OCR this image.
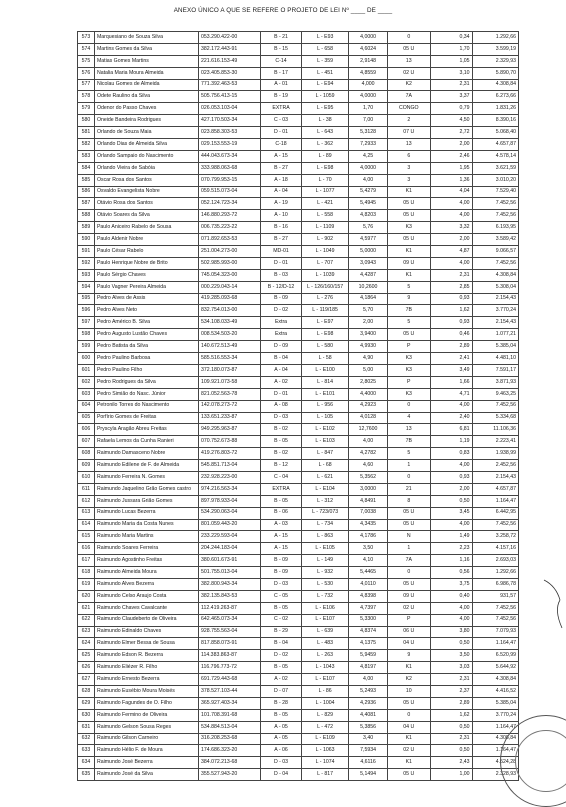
ANEXO ÚNICO A QUE SE REFERE O PROJETO DE LEI Nº ____ DE ____
573	Marquesiano de Souza Silva	053.290.422-00	B - 21	L - E93	4,0000	0	0,34	1.292,66
574	Martins Gomes da Silva	382.172.443-91	B - 15	L - 658	4,6024	05 U	1,70	3.599,19
575	Matias Gomes Martins	221.616.153-49	C-14	L - 359	2,9148	13	1,05	2.329,93
576	Natalia Maria Moura Almeida	023.405.853-30	B - 17	L - 451	4,8559	02 U	3,10	5.890,70
577	Nicolau Gomes de Almeida	771.392.463-53	A - 01	L - E94	4,000	K2	2,31	4.308,84
578	Odete Raulino da Silva	505.756.413-15	B - 19	L - 1059	4,0000	7A	3,37	6.273,66
579	Odenor do Passo Chaves	026.053.103-04	EXTRA	L - E95	1,70	CONGO	0,79	1.831,26
580	Oneide Bandeira Rodrigues	427.170.503-34	C - 03	L - 38	7,00	2	4,50	8.390,16
581	Orlando de Souza Maia	023.858.303-53	D - 01	L - 643	5,3128	07 U	2,72	5.068,40
582	Orlando Dias de Almeida Silva	029.153.553-19	C-18	L - 362	7,2933	13	2,00	4.657,87
583	Orlando Sampaio do Nascimento	444.043.673-34	A - 15	L - 89	4,25	6	2,46	4.578,14
584	Orlando Vieira de Sabóia	333.988.063-68	B - 27	L - E98	4,0000	3	1,95	3.621,59
585	Oscar Rosa dos Santos	070.799.953-15	A - 18	L - 70	4,00	3	1,36	3.010,20
586	Osvaldo Evangelista Nobre	059.515.073-04	A - 04	L - 1077	5,4279	K1	4,04	7.529,40
587	Otávio Rosa dos Santos	052.124.723-34	A - 19	L - 421	5,4945	05 U	4,00	7.452,56
588	Otávio Soares da Silva	146.880.293-72	A - 10	L - 558	4,8203	05 U	4,00	7.452,56
589	Paulo Aniceiro Rabelo de Sousa	006.735.223-22	B - 16	L - 1109	5,76	K3	3,32	6.193,95
590	Paulo Aldenir Nobre	071.892.653-53	B - 27	L - 902	4,5977	05 U	2,00	3.589,42
591	Paulo César Rabelo	251.004.273-00	MD-01	L - 1049	5,0000	K1	4,87	9.066,57
592	Paulo Henrique Nobre de Brito	502.985.993-00	D - 01	L - 707	3,0943	09 U	4,00	7.452,56
593	Paulo Sérgio Chaves	745.054.323-00	B - 03	L - 1039	4,4287	K1	2,31	4.308,84
594	Paulo Vagner Pereira Almeida	000.229.043-14	B - 12/D-12	L - 126/160/157	10,2600	5	2,85	5.308,04
595	Pedro Alves de Assis	419.285.093-68	B - 09	L - 276	4,1864	9	0,93	2.154,43
596	Pedro Alves Neto	832.754.013-00	D - 02	L - 119/185	5,70	7B	1,62	3.770,24
597	Pedro Américo B. Silva	534.108.033-49	Extra	L - E97	2,00	5	0,93	2.154,43
598	Pedro Augusto Lustão Chaves	008.534.503-20	Extra	L - E98	3,9400	05 U	0,46	1.077,21
599	Pedro Batista da Silva	140.672.513-49	D - 09	L - 580	4,9930	P	2,89	5.385,04
600	Pedro Paulino Barbosa	585.516.553-34	B - 04	L - 58	4,90	K3	2,41	4.481,10
601	Pedro Paulino Filho	372.180.073-87	A - 04	L - E100	5,00	K3	3,49	7.591,17
602	Pedro Rodrigues da Silva	109.921.073-58	A - 02	L - 814	2,8025	P	1,66	3.871,93
603	Pedro Simião do Nasc. Júnior	821.052.563-78	D - 01	L - E101	4,4000	K3	4,71	9.463,25
604	Petronilo Torres do Nascimento	142.078.273-72	A - 08	L - 956	4,2923	0	4,00	7.452,56
605	Porfírio Gomes de Freitas	133.651.233-87	D - 03	L - 105	4,0128	4	2,40	5.334,68
606	Pryscyla Aragão Abreu Freitas	949.295.963-87	B - 02	L - E102	12,7600	13	6,81	11.106,36
607	Rafaela Lemos da Cunha Ranieri	070.752.673-88	B - 05	L - E103	4,00	7B	1,19	2.223,41
608	Raimundo Damasceno Nobre	419.276.803-72	B - 02	L - 847	4,2782	5	0,83	1.938,99
609	Raimundo Edilene de F. de Almeida	545.851.713-04	B - 12	L - 68	4,60	1	4,00	2.452,56
610	Raimundo Ferreira N. Gomes	232.928.223-00	C - 04	L - 621	5,3562	0	0,93	2.154,43
611	Raimundo Jaquelino Grão Gomes castro	974.216.563-34	EXTRA	L - E104	3,0000	21	2,00	4.657,87
612	Raimundo Jussara Grião Gomes	897.978.933-04	B - 05	L - 312	4,8491	8	0,50	1.164,47
613	Raimundo Lucas Bezerra	534.290.063-04	B - 06	L - 723/073	7,0038	05 U	3,45	6.442,95
614	Raimundo Maria da Costa Nunes	801.059.443-20	A - 03	L - 734	4,3435	05 U	4,00	7.452,56
615	Raimundo Maria Martins	233.229.593-04	A - 15	L - 863	4,1786	N	1,49	3.258,72
616	Raimundo Soares Ferreira	204.244.183-04	A - 15	L - E105	3,50	1	2,23	4.157,16
617	Raimundo Agostinho Freitas	380.601.673-91	B - 09	L - 149	4,10	7A	1,16	2.693,03
618	Raimundo Almeida Moura	501.755.013-04	B - 09	L - 932	5,4465	0	0,56	1.292,66
619	Raimundo Alves Bezerra	382.800.943-34	D - 03	L - 530	4,0110	05 U	3,75	6.986,78
620	Raimundo Celso Araujo Costa	382.135.843-53	C - 05	L - 732	4,8398	09 U	0,40	931,57
621	Raimundo Chaves Cavalcante	112.419.263-87	B - 05	L - E106	4,7397	02 U	4,00	7.452,56
622	Raimundo Claudeberto de Oliveira	642.465.073-34	C - 02	L - E107	5,3300	P	4,00	7.452,56
623	Raimundo Edinaldo Chaves	928.755.563-04	B - 29	L - 639	4,8374	06 U	3,80	7.079,93
624	Raimundo Elmer Bessa de Sousa	817.858.073-91	B - 04	L - 483	4,1375	04 U	0,50	1.164,47
625	Raimundo Edson R. Bezerra	114.383.863-87	D - 02	L - 263	5,9459	9	3,50	6.520,99
626	Raimundo Eliézer R. Filho	116.796.773-72	B - 05	L - 1043	4,8197	K1	3,03	5.644,92
627	Raimundo Ernesto Bezerra	691.729.443-68	A - 02	L - E107	4,00	K2	2,31	4.308,84
628	Raimundo Eusébio Moura Moisés	378.527.103-44	D - 07	L - 86	5,2493	10	2,37	4.416,52
629	Raimundo Fagundes de O. Filho	365.927.403-34	B - 28	L - 1004	4,2936	05 U	2,89	5.385,04
630	Raimundo Fermino de Oliveira	101.708.391-68	B - 05	L - 829	4,4081	0	1,62	3.770,24
631	Raimundo Gelson Sousa Reges	534.884.513-04	A - 05	L - 472	5,3856	04 U	0,50	1.164,47
632	Raimundo Gilson Carneiro	316.208.253-68	A - 05	L - E109	3,40	K1	2,31	4.308,84
633	Raimundo Hélio F. de Moura	174.686.323-20	A - 06	L - 1063	7,5934	02 U	0,50	1.164,47
634	Raimundo José Bezerra	384.072.213-68	D - 03	L - 1074	4,6116	K1	2,43	4.524,28
635	Raimundo José da Silva	355.527.943-20	D - 04	L - 817	5,1494	05 U	1,00	2.328,93
